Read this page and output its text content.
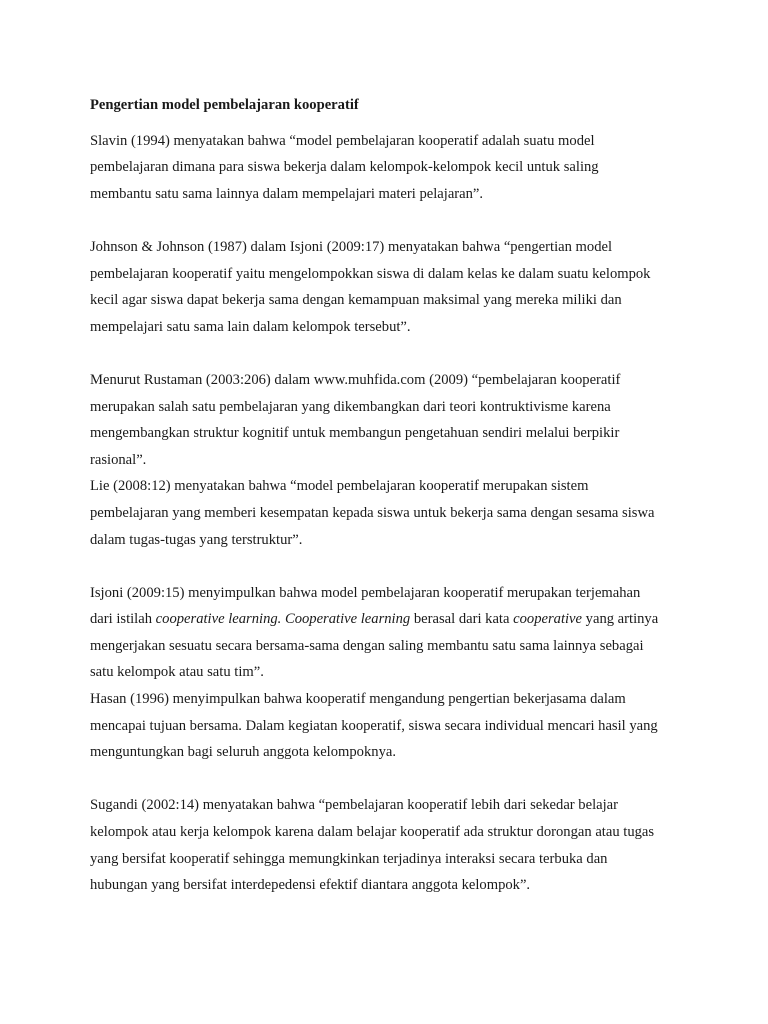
Pengertian model pembelajaran kooperatif

Slavin (1994) menyatakan bahwa “model pembelajaran kooperatif adalah suatu model
pembelajaran dimana para siswa bekerja dalam kelompok-kelompok kecil untuk saling
membantu satu sama lainnya dalam mempelajari materi pelajaran”.

Johnson & Johnson (1987) dalam Isjoni (2009:17) menyatakan bahwa “pengertian model
pembelajaran kooperatif yaitu mengelompokkan siswa di dalam kelas ke dalam suatu kelompok
kecil agar siswa dapat bekerja sama dengan kemampuan maksimal yang mereka miliki dan
mempelajari satu sama lain dalam kelompok tersebut”.

Menurut Rustaman (2003:206) dalam www.muhfida.com (2009) “pembelajaran kooperatif
merupakan salah satu pembelajaran yang dikembangkan dari teori kontruktivisme karena
mengembangkan struktur kognitif untuk membangun pengetahuan sendiri melalui berpikir
rasional”.

Lie (2008:12) menyatakan bahwa “model pembelajaran kooperatif merupakan sistem
pembelajaran yang memberi kesempatan kepada siswa untuk bekerja sama dengan sesama siswa
dalam tugas-tugas yang terstruktur”.

Isjoni (2009:15) menyimpulkan bahwa model pembelajaran kooperatif merupakan terjemahan
dari istilah cooperative learning. Cooperative learning berasal dari kata cooperative yang artinya
mengerjakan sesuatu secara bersama-sama dengan saling membantu satu sama lainnya sebagai
satu kelompok atau satu tim”.

Hasan (1996) menyimpulkan bahwa kooperatif mengandung pengertian bekerjasama dalam
mencapai tujuan bersama. Dalam kegiatan kooperatif, siswa secara individual mencari hasil yang
menguntungkan bagi seluruh anggota kelompoknya.

Sugandi (2002:14) menyatakan bahwa “pembelajaran kooperatif lebih dari sekedar belajar
kelompok atau kerja kelompok karena dalam belajar kooperatif ada struktur dorongan atau tugas
yang bersifat kooperatif sehingga memungkinkan terjadinya interaksi secara terbuka dan
hubungan yang bersifat interdepedensi efektif diantara anggota kelompok”.
